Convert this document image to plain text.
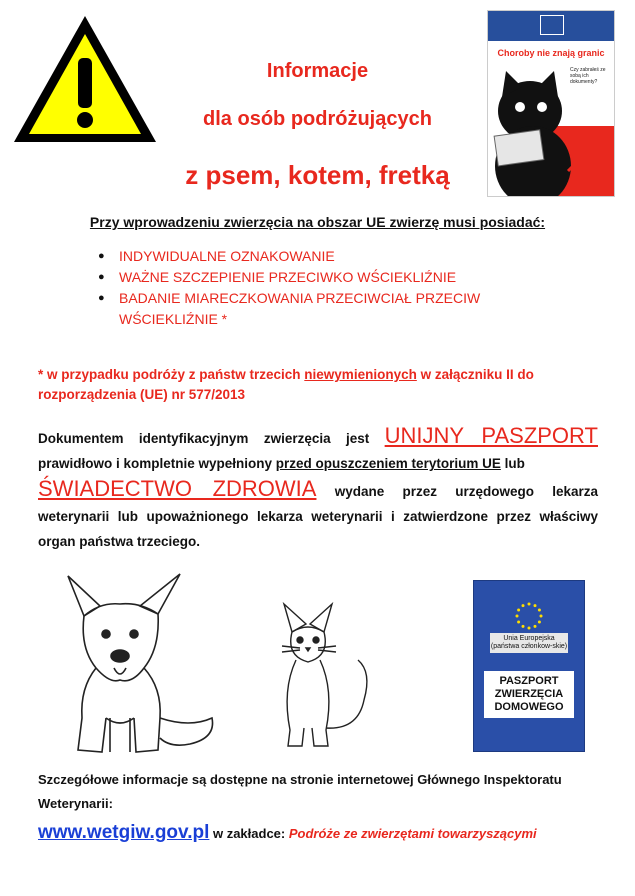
Informacje
dla osób podróżujących
z psem, kotem, fretką
Choroby nie znają granic
Czy zabrałeś ze sobą ich dokumenty?
Przy wprowadzeniu zwierzęcia na obszar UE zwierzę musi posiadać:
● INDYWIDUALNE OZNAKOWANIE
● WAŻNE SZCZEPIENIE PRZECIWKO WŚCIEKLIŹNIE
● BADANIE MIARECZKOWANIA PRZECIWCIAŁ PRZECIW WŚCIEKLIŹNIE *
* w przypadku podróży z państw trzecich niewymienionych w załączniku II do rozporządzenia (UE) nr 577/2013
Dokumentem identyfikacyjnym zwierzęcia jest UNIJNY PASZPORT prawidłowo i kompletnie wypełniony przed opuszczeniem terytorium UE lub
ŚWIADECTWO ZDROWIA wydane przez urzędowego lekarza weterynarii lub upoważnionego lekarza weterynarii i zatwierdzone przez właściwy organ państwa trzeciego.
Unia Europejska (państwa członkow-skie)
PASZPORT ZWIERZĘCIA DOMOWEGO
Szczegółowe informacje są dostępne na stronie internetowej Głównego Inspektoratu Weterynarii:
www.wetgiw.gov.pl w zakładce: Podróże ze zwierzętami towarzyszącymi
